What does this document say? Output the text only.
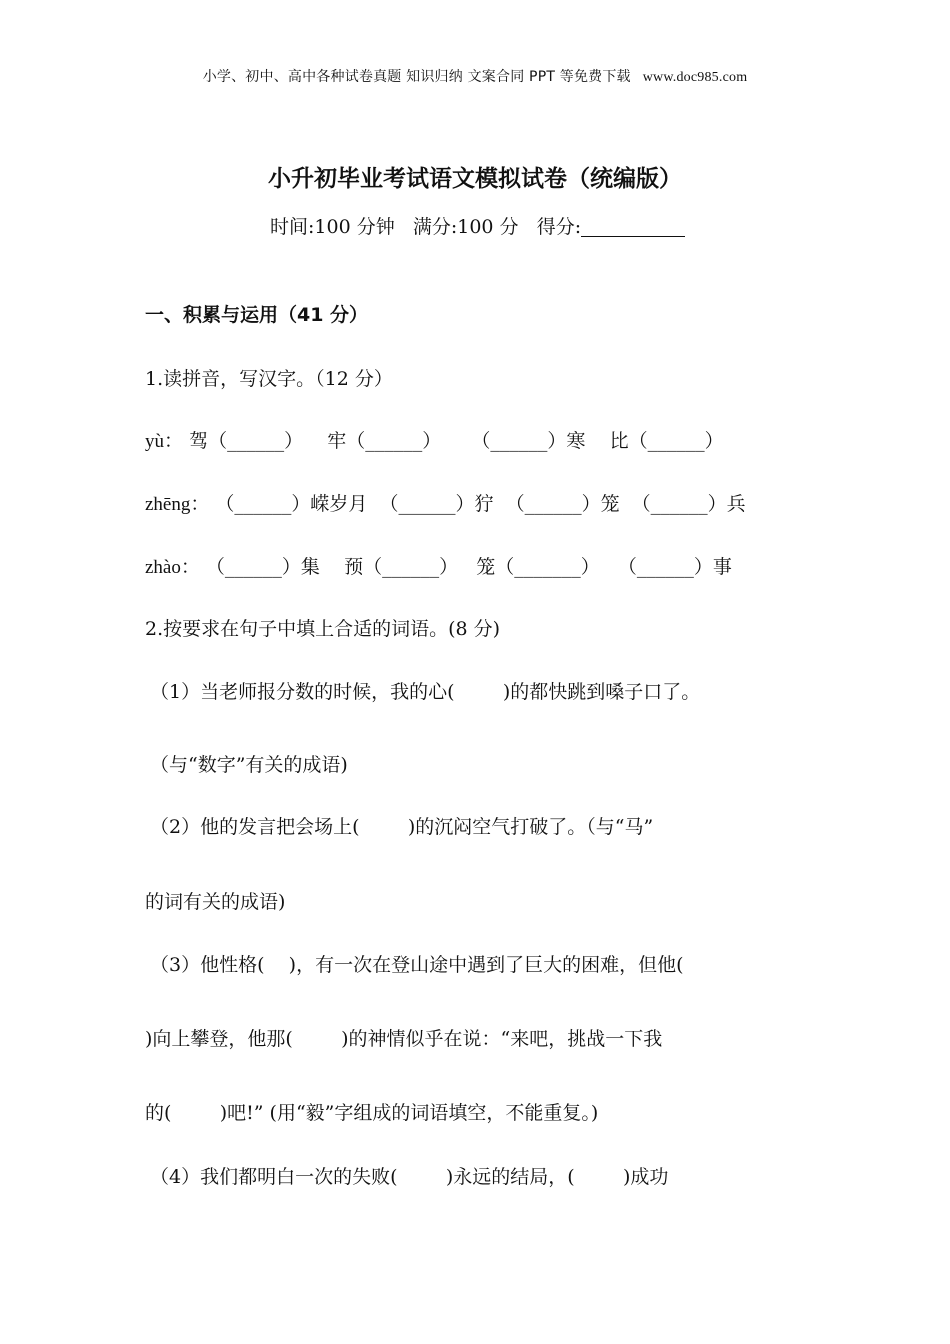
小学、初中、高中各种试卷真题 知识归纳 文案合同 PPT 等免费下载 www.doc985.com
小升初毕业考试语文模拟试卷（统编版）
时间:100 分钟 满分:100 分 得分:
一、积累与运用（41 分）
1.读拼音，写汉字。（12 分）
yù： 驾（______）    牢（______）     （______）寒    比（______）
zhēng： （______）嵘岁月  （______）狞  （______）笼  （______）兵
zhào： （______）集    预（______）   笼（_______）   （______）事
2.按要求在句子中填上合适的词语。(8 分)
（1）当老师报分数的时候，我的心(        )的都快跳到嗓子口了。
（与“数字”有关的成语)
（2）他的发言把会场上(        )的沉闷空气打破了。（与“马”
的词有关的成语)
（3）他性格(    )，有一次在登山途中遇到了巨大的困难，但他(
)向上攀登，他那(        )的神情似乎在说：“来吧，挑战一下我
的(        )吧!” (用“毅”字组成的词语填空，不能重复。)
（4）我们都明白一次的失败(        )永远的结局，(        )成功
